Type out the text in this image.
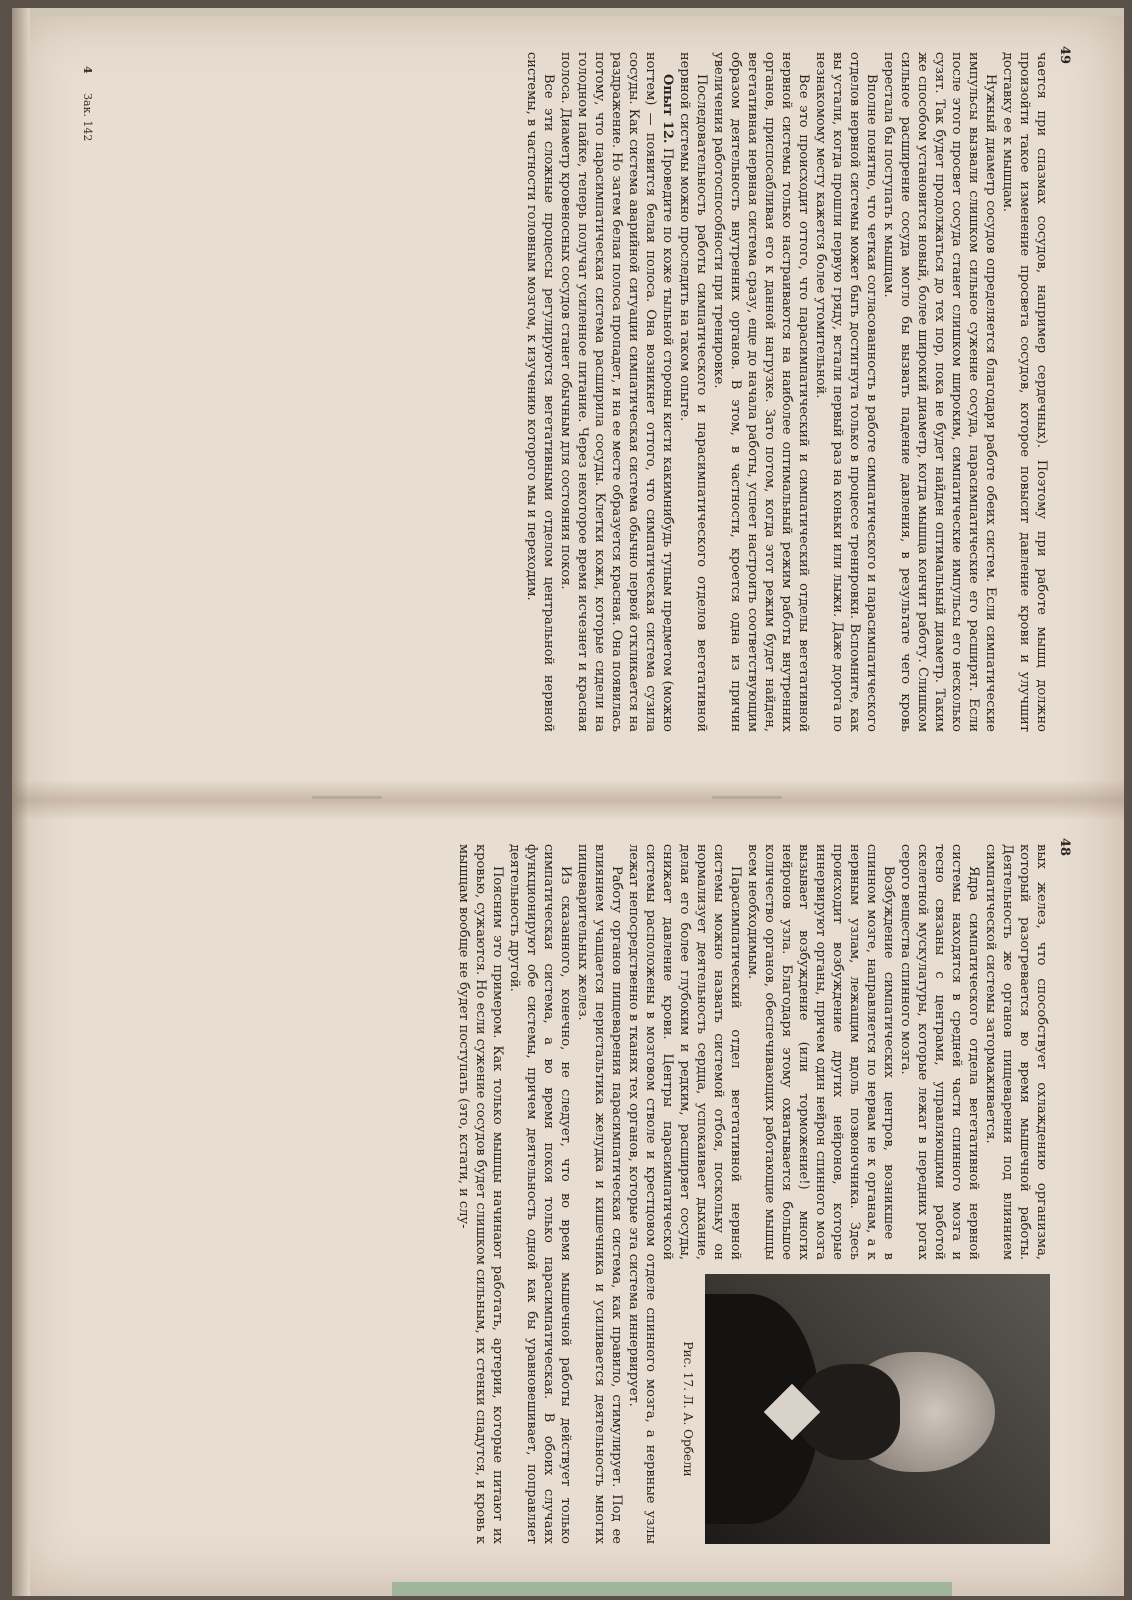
49

чается при спазмах сосудов, например сердечных). Поэтому при работе мышц должно произойти такое изменение просвета сосудов, которое повысит давление крови и улучшит доставку ее к мышцам.

Нужный диаметр сосудов определяется благодаря работе обеих систем. Если симпатические импульсы вызвали слишком сильное сужение сосуда, парасимпатические его расширят. Если после этого просвет сосуда станет слишком широким, симпатические импульсы его несколько сузят. Так будет продолжаться до тех пор, пока не будет найден оптимальный диаметр. Таким же способом установится новый, более широкий диаметр, когда мышца кончит работу. Слишком сильное расширение сосуда могло бы вызвать падение давления, в результате чего кровь перестала бы поступать к мышцам.

Вполне понятно, что четкая согласованность в работе симпатического и парасимпатического отделов нервной системы может быть достигнута только в процессе тренировки. Вспомните, как вы устали, когда прошли первую гряду, встали первый раз на коньки или лыжи. Даже дорога по незнакомому месту кажется более утомительной.

Все это происходит оттого, что парасимпатический и симпатический отделы вегетативной нервной системы только настраиваются на наиболее оптимальный режим работы внутренних органов, приспосабливая его к данной нагрузке. Зато потом, когда этот режим будет найден, вегетативная нервная система сразу, еще до начала работы, успеет настроить соответствующим образом деятельность внутренних органов. В этом, в частности, кроется одна из причин увеличения работоспособности при тренировке.

Последовательность работы симпатического и парасимпатического отделов вегетативной нервной системы можно проследить на таком опыте.

Опыт 12. Проведите по коже тыльной стороны кисти какимнибудь тупым предметом (можно ногтем) — появится белая полоса. Она возникнет оттого, что симпатическая система сузила сосуды. Как система аварийной ситуации симпатическая система обычно первой откликается на раздражение. Но затем белая полоса пропадет, и на ее месте образуется красная. Она появилась потому, что парасимпатическая система расширила сосуды. Клетки кожи, которые сидели на голодном пайке, теперь получат усиленное питание. Через некоторое время исчезнет и красная полоса. Диаметр кровеносных сосудов станет обычным для состояния покоя.

Все эти сложные процессы регулируются вегетативными отделом центральной нервной системы, в частности головным мозгом, к изучению которого мы и переходим.

4 Зак. 142
48
Рис. 17. Л. А. Орбели

вых желез, что способствует охлаждению организма, который разогревается во время мышечной работы. Деятельность же органов пищеварения под влиянием симпатической системы затормаживается.

Ядра симпатического отдела вегетативной нервной системы находятся в средней части спинного мозга и тесно связаны с центрами, управляющими работой скелетной мускулатуры, которые лежат в передних рогах серого вещества спинного мозга.

Возбуждение симпатических центров, возникшее в спинном мозге, направляется по нервам не к органам, а к нервным узлам, лежащим вдоль позвоночника. Здесь происходит возбуждение других нейронов, которые иннервируют органы, причем один нейрон спинного мозга вызывает возбуждение (или торможение!) многих нейронов узла. Благодаря этому охватывается большое количество органов, обеспечивающих работающие мышцы всем необходимым.

Парасимпатический отдел вегетативной нервной системы можно назвать системой отбоя, поскольку он нормализует деятельность сердца, успокаивает дыхание, делая его более глубоким и редким, расширяет сосуды, снижает давление крови. Центры парасимпатической системы расположены в мозговом стволе и крестцовом отделе спинного мозга, а нервные узлы лежат непосредственно в тканях тех органов, которые эта система иннервирует.

Работу органов пищеварения парасимпатическая система, как правило, стимулирует. Под ее влиянием учащается перистальтика желудка и кишечника и усиливается деятельность многих пищеварительных желез.

Из сказанного, конечно, не следует, что во время мышечной работы действует только симпатическая система, а во время покоя только парасимпатическая. В обоих случаях функционируют обе системы, причем деятельность одной как бы уравновешивает, поправляет деятельность другой.

Поясним это примером. Как только мышцы начинают работать, артерии, которые питают их кровью, сужаются. Но если сужение сосудов будет слишком сильным, их стенки спадутся, и кровь к мышцам вообще не будет поступать (это, кстати, и слу-
